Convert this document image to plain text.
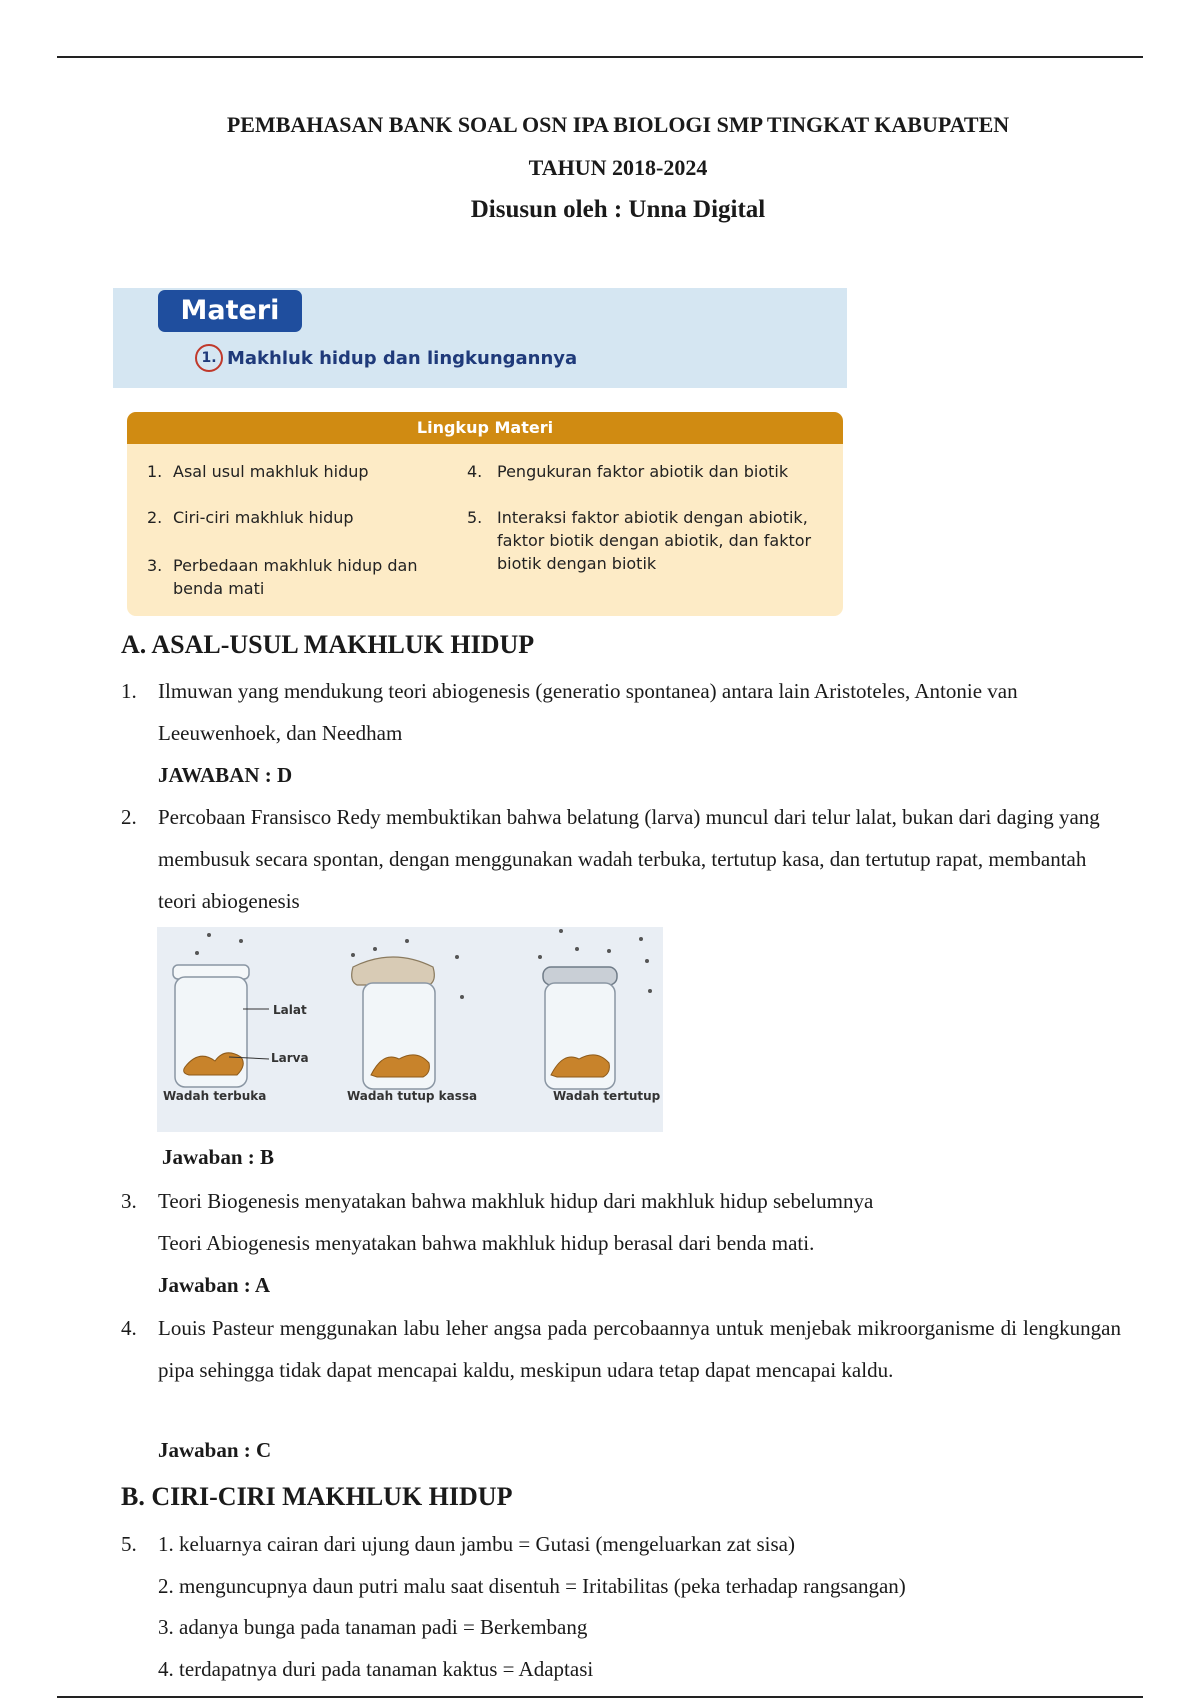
PEMBAHASAN BANK SOAL OSN IPA BIOLOGI SMP TINGKAT KABUPATEN
TAHUN 2018-2024
Disusun oleh : Unna Digital
Materi
1. Makhluk hidup dan lingkungannya
Lingkup Materi
1. Asal usul makhluk hidup
2. Ciri-ciri makhluk hidup
3. Perbedaan makhluk hidup dan benda mati
4. Pengukuran faktor abiotik dan biotik
5. Interaksi faktor abiotik dengan abiotik, faktor biotik dengan abiotik, dan faktor biotik dengan biotik
A. ASAL-USUL MAKHLUK HIDUP
1.	Ilmuwan yang mendukung teori abiogenesis (generatio spontanea) antara lain Aristoteles, Antonie van Leeuwenhoek, dan Needham
JAWABAN : D
2.	Percobaan Fransisco Redy membuktikan bahwa belatung (larva) muncul dari telur lalat, bukan dari daging yang membusuk secara spontan, dengan menggunakan wadah terbuka, tertutup kasa, dan tertutup rapat, membantah teori abiogenesis
Lalat
Larva
Wadah terbuka	Wadah tutup kassa	Wadah tertutup
Jawaban : B
3.	Teori Biogenesis menyatakan bahwa makhluk hidup dari makhluk hidup sebelumnya
Teori Abiogenesis menyatakan bahwa makhluk hidup berasal dari benda mati.
Jawaban : A
4.	Louis Pasteur menggunakan labu leher angsa pada percobaannya untuk menjebak mikroorganisme di lengkungan pipa sehingga tidak dapat mencapai kaldu, meskipun udara tetap dapat mencapai kaldu.
Jawaban : C
B. CIRI-CIRI MAKHLUK HIDUP
5.	1. keluarnya cairan dari ujung daun jambu = Gutasi (mengeluarkan zat sisa)
2. menguncupnya daun putri malu saat disentuh = Iritabilitas (peka terhadap rangsangan)
3. adanya bunga pada tanaman padi = Berkembang
4. terdapatnya duri pada tanaman kaktus = Adaptasi
